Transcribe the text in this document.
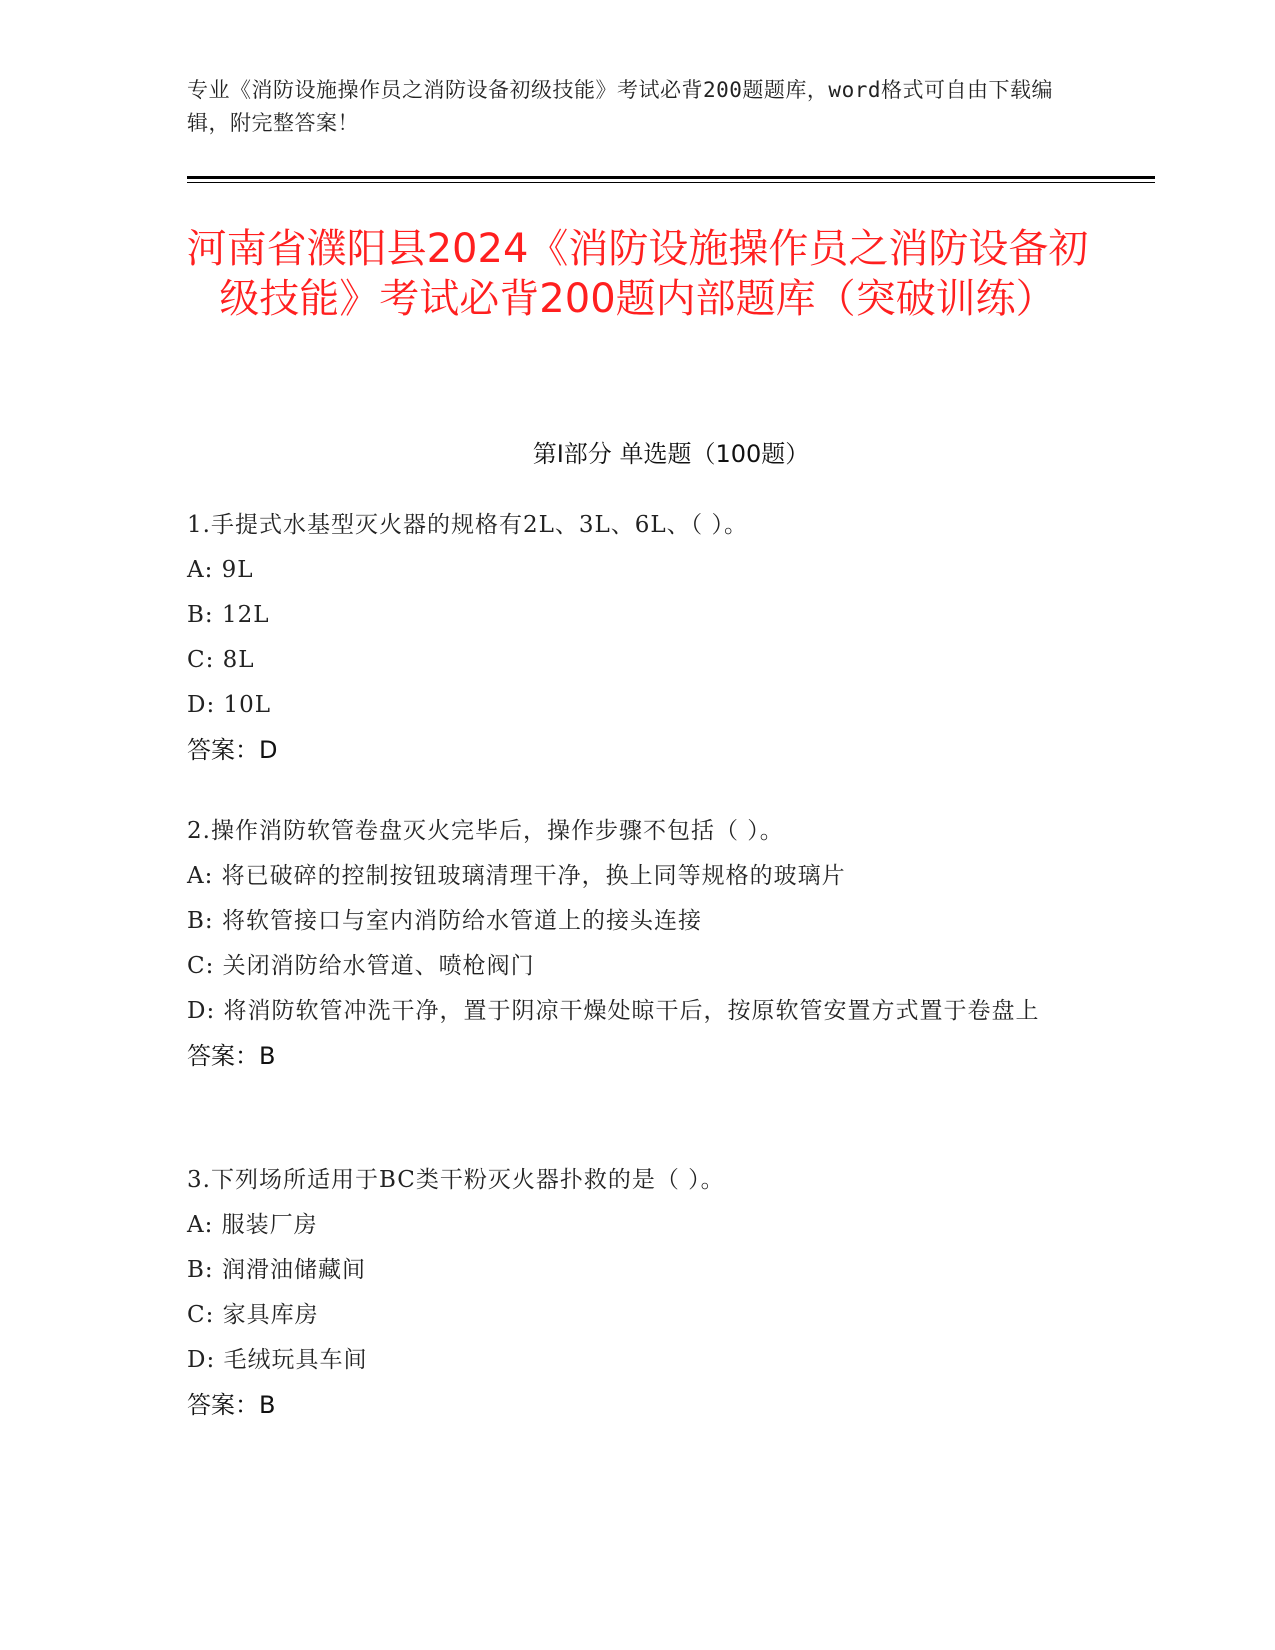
专业《消防设施操作员之消防设备初级技能》考试必背200题题库，word格式可自由下载编辑，附完整答案！
河南省濮阳县2024《消防设施操作员之消防设备初级技能》考试必背200题内部题库（突破训练）
第Ⅰ部分 单选题（100题）

1.手提式水基型灭火器的规格有2L、3L、6L、（ ）。

A: 9L

B: 12L

C: 8L

D: 10L

答案：D

2.操作消防软管卷盘灭火完毕后，操作步骤不包括（ ）。

A: 将已破碎的控制按钮玻璃清理干净，换上同等规格的玻璃片

B: 将软管接口与室内消防给水管道上的接头连接

C: 关闭消防给水管道、喷枪阀门

D: 将消防软管冲洗干净，置于阴凉干燥处晾干后，按原软管安置方式置于卷盘上

答案：B

3.下列场所适用于BC类干粉灭火器扑救的是（ ）。

A: 服装厂房

B: 润滑油储藏间

C: 家具库房

D: 毛绒玩具车间

答案：B
